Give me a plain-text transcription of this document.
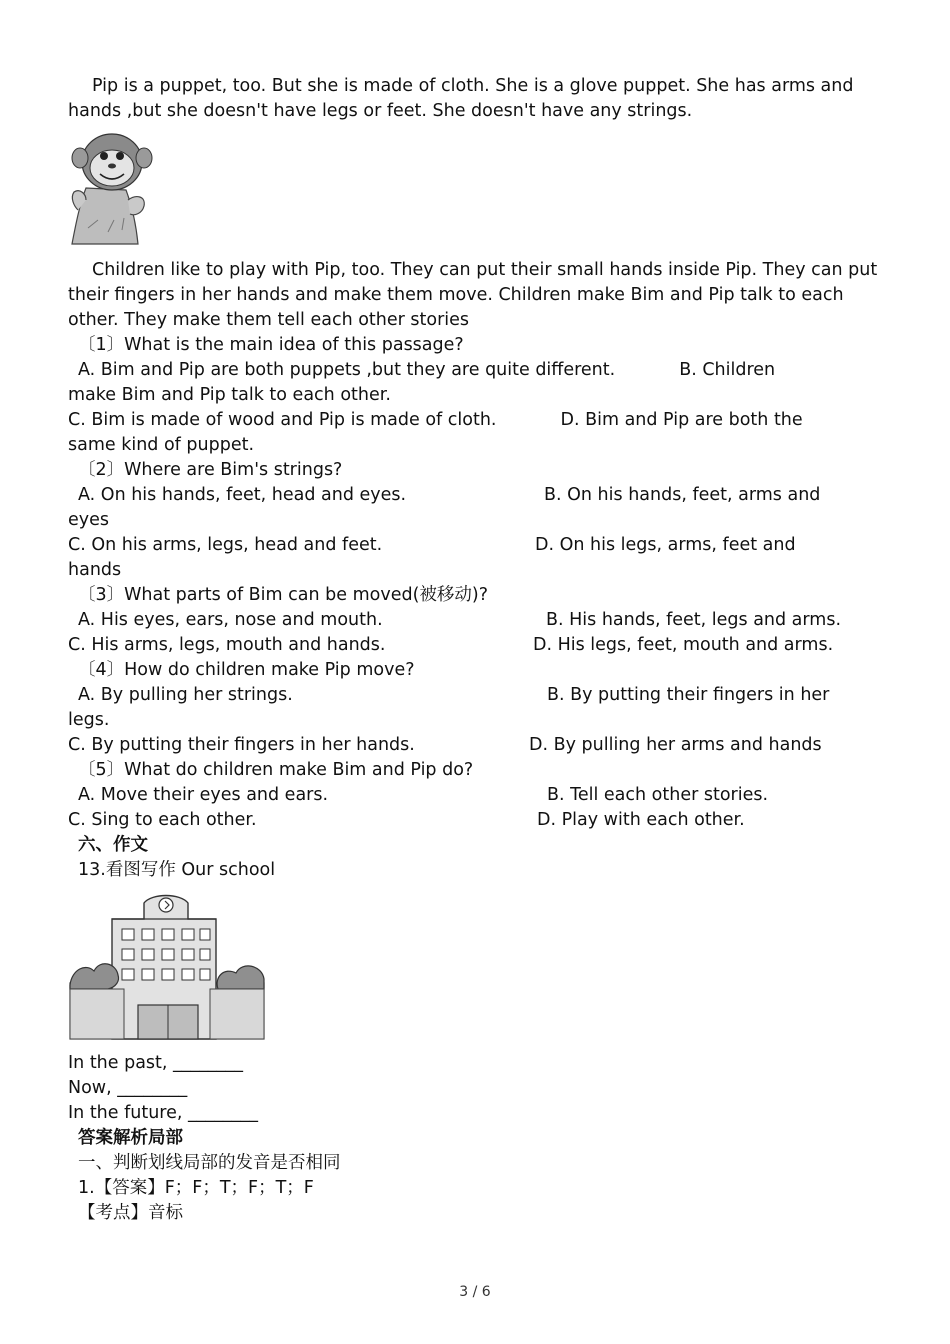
Pip is a puppet, too. But she is made of cloth. She is a glove puppet. She has arms and hands ,but she doesn't have legs or feet. She doesn't have any strings.
Children like to play with Pip, too. They can put their small hands inside Pip. They can put their fingers in her hands and make them move. Children make Bim and Pip talk to each other. They make them tell each other stories
〔1〕What is the main idea of this passage?
A. Bim and Pip are both puppets ,but they are quite different.	B. Children
make Bim and Pip talk to each other.
C. Bim is made of wood and Pip is made of cloth.	D. Bim and Pip are both the
same kind of puppet.
〔2〕Where are Bim's strings?
A. On his hands, feet, head and eyes.	B. On his hands, feet, arms and
eyes
C. On his arms, legs, head and feet.	D. On his legs, arms, feet and
hands
〔3〕What parts of Bim can be moved(被移动)?
A. His eyes, ears, nose and mouth.	B. His hands, feet, legs and arms.
C. His arms, legs, mouth and hands.	D. His legs, feet, mouth and arms.
〔4〕How do children make Pip move?
A. By pulling her strings.	B. By putting their fingers in her
legs.
C. By putting their fingers in her hands.	D. By pulling her arms and hands
〔5〕What do children make Bim and Pip do?
A. Move their eyes and ears.	B. Tell each other stories.
C. Sing to each other.	D. Play with each other.
六、作文
13.看图写作 Our school
In the past, ________
Now, ________
In the future, ________
答案解析局部
一、判断划线局部的发音是否相同
1.【答案】F；F；T；F；T；F
【考点】音标
3 / 6
